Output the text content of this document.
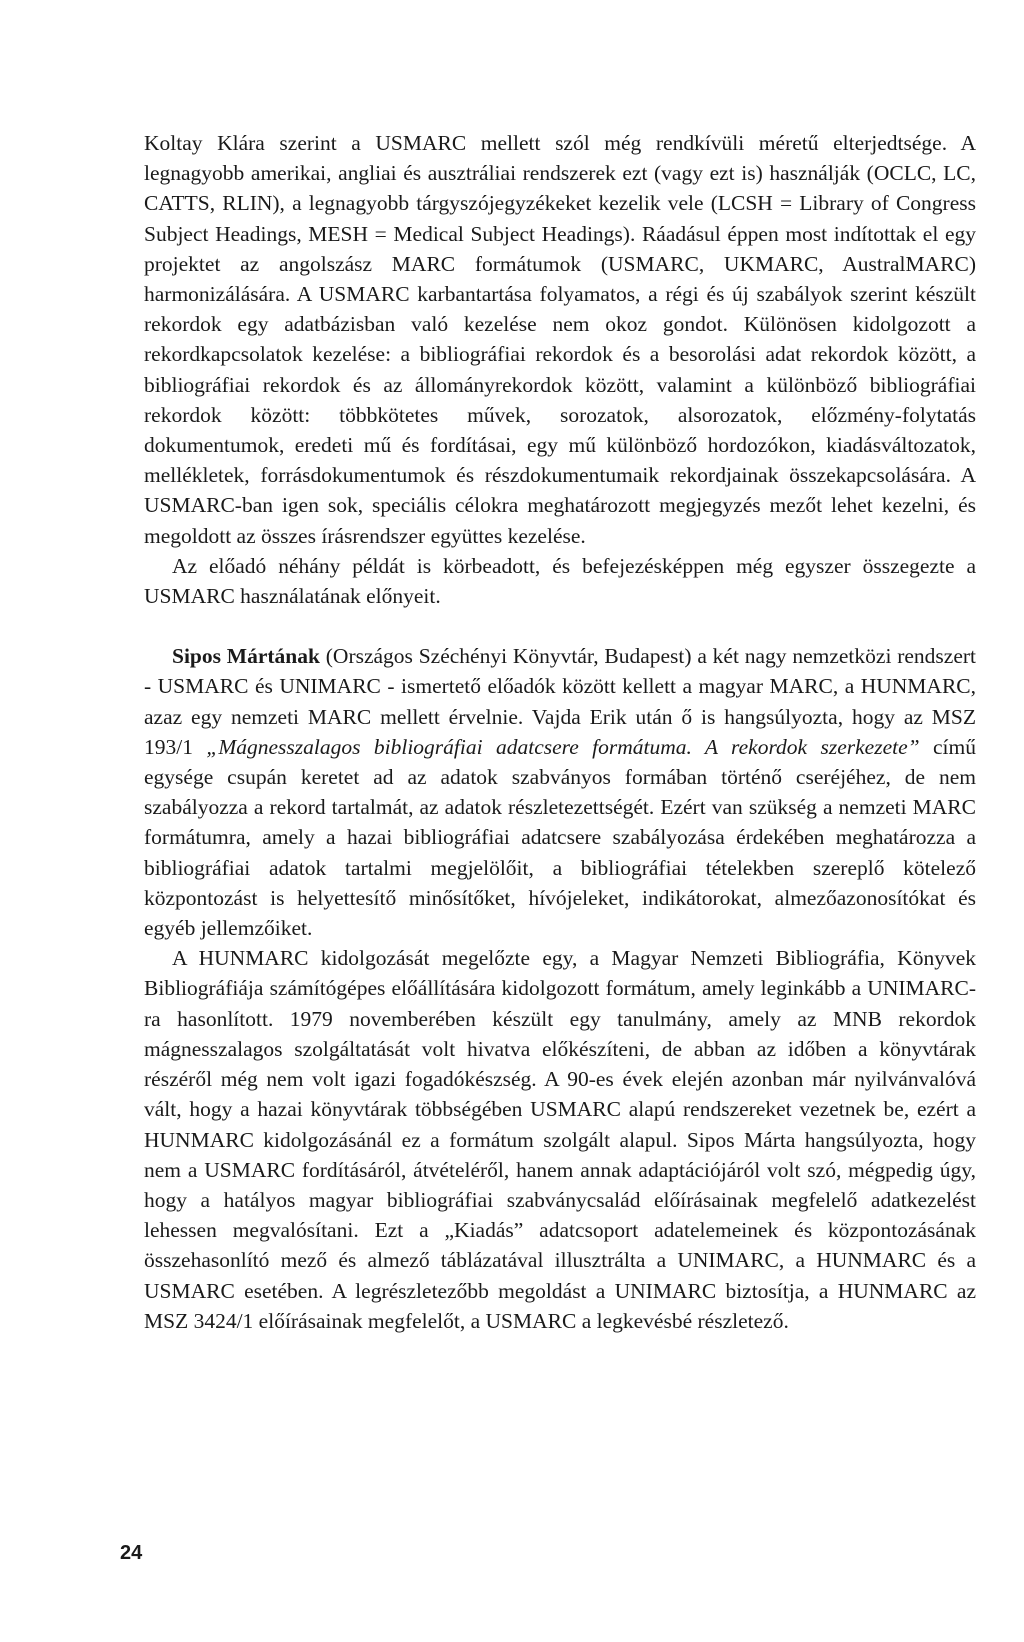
Koltay Klára szerint a USMARC mellett szól még rendkívüli méretű elterjedtsége. A legnagyobb amerikai, angliai és ausztráliai rendszerek ezt (vagy ezt is) használják (OCLC, LC, CATTS, RLIN), a legnagyobb tárgyszójegyzékeket kezelik vele (LCSH = Library of Congress Subject Headings, MESH = Medical Subject Headings). Ráadásul éppen most indítottak el egy projektet az angolszász MARC formátumok (USMARC, UKMARC, AustralMARC) harmonizálására. A USMARC karbantartása folyamatos, a régi és új szabályok szerint készült rekordok egy adatbázisban való kezelése nem okoz gondot. Különösen kidolgozott a rekordkapcsolatok kezelése: a bibliográfiai rekordok és a besorolási adat rekordok között, a bibliográfiai rekordok és az állományrekordok között, valamint a különböző bibliográfiai rekordok között: többkötetes művek, sorozatok, alsorozatok, előzmény-folytatás dokumentumok, eredeti mű és fordításai, egy mű különböző hordozókon, kiadásváltozatok, mellékletek, forrásdokumentumok és részdokumentumaik rekordjainak összekapcsolására. A USMARC-ban igen sok, speciális célokra meghatározott megjegyzés mezőt lehet kezelni, és megoldott az összes írásrendszer együttes kezelése.

Az előadó néhány példát is körbeadott, és befejezésképpen még egyszer összegezte a USMARC használatának előnyeit.

Sipos Mártának (Országos Széchényi Könyvtár, Budapest) a két nagy nemzetközi rendszert - USMARC és UNIMARC - ismertető előadók között kellett a magyar MARC, a HUNMARC, azaz egy nemzeti MARC mellett érvelnie. Vajda Erik után ő is hangsúlyozta, hogy az MSZ 193/1 „Mágnesszalagos bibliográfiai adatcsere formátuma. A rekordok szerkezete” című egysége csupán keretet ad az adatok szabványos formában történő cseréjéhez, de nem szabályozza a rekord tartalmát, az adatok részletezettségét. Ezért van szükség a nemzeti MARC formátumra, amely a hazai bibliográfiai adatcsere szabályozása érdekében meghatározza a bibliográfiai adatok tartalmi megjelölőit, a bibliográfiai tételekben szereplő kötelező központozást is helyettesítő minősítőket, hívójeleket, indikátorokat, almezőazonosítókat és egyéb jellemzőiket.

A HUNMARC kidolgozását megelőzte egy, a Magyar Nemzeti Bibliográfia, Könyvek Bibliográfiája számítógépes előállítására kidolgozott formátum, amely leginkább a UNIMARC-ra hasonlított. 1979 novemberében készült egy tanulmány, amely az MNB rekordok mágnesszalagos szolgáltatását volt hivatva előkészíteni, de abban az időben a könyvtárak részéről még nem volt igazi fogadókészség. A 90-es évek elején azonban már nyilvánvalóvá vált, hogy a hazai könyvtárak többségében USMARC alapú rendszereket vezetnek be, ezért a HUNMARC kidolgozásánál ez a formátum szolgált alapul. Sipos Márta hangsúlyozta, hogy nem a USMARC fordításáról, átvételéről, hanem annak adaptációjáról volt szó, mégpedig úgy, hogy a hatályos magyar bibliográfiai szabványcsalád előírásainak megfelelő adatkezelést lehessen megvalósítani. Ezt a „Kiadás” adatcsoport adatelemeinek és központozásának összehasonlító mező és almező táblázatával illusztrálta a UNIMARC, a HUNMARC és a USMARC esetében. A legrészletezőbb megoldást a UNIMARC biztosítja, a HUNMARC az MSZ 3424/1 előírásainak megfelelőt, a USMARC a legkevésbé részletező.

24
